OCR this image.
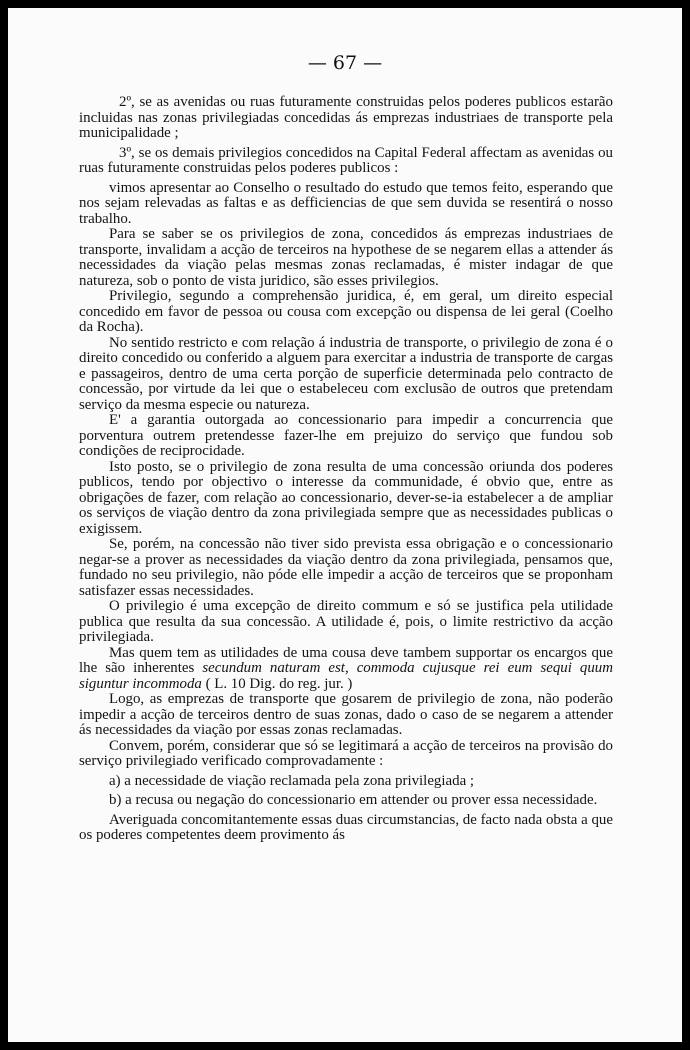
— 67 —

2º, se as avenidas ou ruas futuramente construidas pelos poderes publicos estarão incluidas nas zonas privilegiadas concedidas ás emprezas industriaes de transporte pela municipalidade ;

3º, se os demais privilegios concedidos na Capital Federal affectam as avenidas ou ruas futuramente construidas pelos poderes publicos :

vimos apresentar ao Conselho o resultado do estudo que temos feito, esperando que nos sejam relevadas as faltas e as defficiencias de que sem duvida se resentirá o nosso trabalho.

Para se saber se os privilegios de zona, concedidos ás emprezas industriaes de transporte, invalidam a acção de terceiros na hypothese de se negarem ellas a attender ás necessidades da viação pelas mesmas zonas reclamadas, é mister indagar de que natureza, sob o ponto de vista juridico, são esses privilegios.

Privilegio, segundo a comprehensão juridica, é, em geral, um direito especial concedido em favor de pessoa ou cousa com excepção ou dispensa de lei geral (Coelho da Rocha).

No sentido restricto e com relação á industria de transporte, o privilegio de zona é o direito concedido ou conferido a alguem para exercitar a industria de transporte de cargas e passageiros, dentro de uma certa porção de superficie determinada pelo contracto de concessão, por virtude da lei que o estabeleceu com exclusão de outros que pretendam serviço da mesma especie ou natureza.

E' a garantia outorgada ao concessionario para impedir a concurrencia que porventura outrem pretendesse fazer-lhe em prejuizo do serviço que fundou sob condições de reciprocidade.

Isto posto, se o privilegio de zona resulta de uma concessão oriunda dos poderes publicos, tendo por objectivo o interesse da communidade, é obvio que, entre as obrigações de fazer, com relação ao concessionario, dever-se-ia estabelecer a de ampliar os serviços de viação dentro da zona privilegiada sempre que as necessidades publicas o exigissem.

Se, porém, na concessão não tiver sido prevista essa obrigação e o concessionario negar-se a prover as necessidades da viação dentro da zona privilegiada, pensamos que, fundado no seu privilegio, não póde elle impedir a acção de terceiros que se proponham satisfazer essas necessidades.

O privilegio é uma excepção de direito commum e só se justifica pela utilidade publica que resulta da sua concessão. A utilidade é, pois, o limite restrictivo da acção privilegiada.

Mas quem tem as utilidades de uma cousa deve tambem supportar os encargos que lhe são inherentes secundum naturam est, commoda cujusque rei eum sequi quum siguntur incommoda ( L. 10 Dig. do reg. jur. )

Logo, as emprezas de transporte que gosarem de privilegio de zona, não poderão impedir a acção de terceiros dentro de suas zonas, dado o caso de se negarem a attender ás necessidades da viação por essas zonas reclamadas.

Convem, porém, considerar que só se legitimará a acção de terceiros na provisão do serviço privilegiado verificado comprovadamente :

a) a necessidade de viação reclamada pela zona privilegiada ;

b) a recusa ou negação do concessionario em attender ou prover essa necessidade.

Averiguada concomitantemente essas duas circumstancias, de facto nada obsta a que os poderes competentes deem provimento ás
